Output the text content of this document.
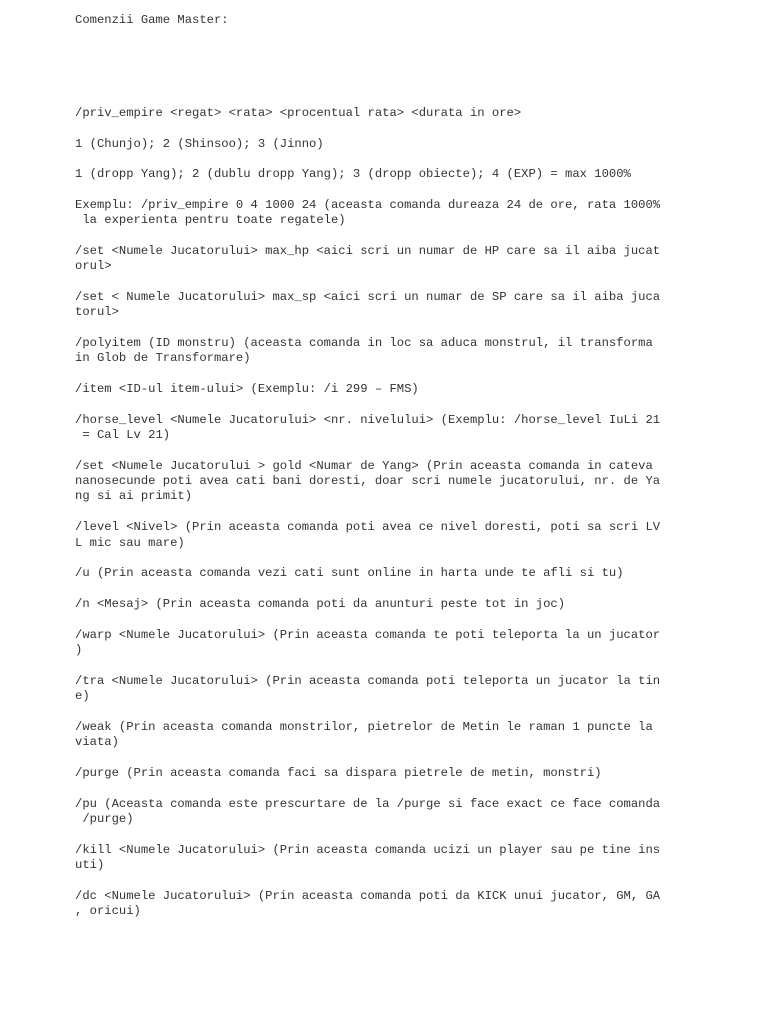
Comenzii Game Master:
/priv_empire <regat> <rata> <procentual rata> <durata in ore>
1 (Chunjo); 2 (Shinsoo); 3 (Jinno)
1 (dropp Yang); 2 (dublu dropp Yang); 3 (dropp obiecte); 4 (EXP) = max 1000%
Exemplu: /priv_empire 0 4 1000 24 (aceasta comanda dureaza 24 de ore, rata 1000%
la experienta pentru toate regatele)
/set <Numele Jucatorului> max_hp <aici scri un numar de HP care sa il aiba jucat
orul>
/set < Numele Jucatorului> max_sp <aici scri un numar de SP care sa il aiba juca
torul>
/polyitem (ID monstru) (aceasta comanda in loc sa aduca monstrul, il transforma
in Glob de Transformare)
/item <ID-ul item-ului> (Exemplu: /i 299 – FMS)
/horse_level <Numele Jucatorului> <nr. nivelului> (Exemplu: /horse_level IuLi 21
= Cal Lv 21)
/set <Numele Jucatorului > gold <Numar de Yang> (Prin aceasta comanda in cateva
nanosecunde poti avea cati bani doresti, doar scri numele jucatorului, nr. de Ya
ng si ai primit)
/level <Nivel> (Prin aceasta comanda poti avea ce nivel doresti, poti sa scri LV
L mic sau mare)
/u (Prin aceasta comanda vezi cati sunt online in harta unde te afli si tu)
/n <Mesaj> (Prin aceasta comanda poti da anunturi peste tot in joc)
/warp <Numele Jucatorului> (Prin aceasta comanda te poti teleporta la un jucator
)
/tra <Numele Jucatorului> (Prin aceasta comanda poti teleporta un jucator la tin
e)
/weak (Prin aceasta comanda monstrilor, pietrelor de Metin le raman 1 puncte la
viata)
/purge (Prin aceasta comanda faci sa dispara pietrele de metin, monstri)
/pu (Aceasta comanda este prescurtare de la /purge si face exact ce face comanda
/purge)
/kill <Numele Jucatorului> (Prin aceasta comanda ucizi un player sau pe tine ins
uti)
/dc <Numele Jucatorului> (Prin aceasta comanda poti da KICK unui jucator, GM, GA
, oricui)
